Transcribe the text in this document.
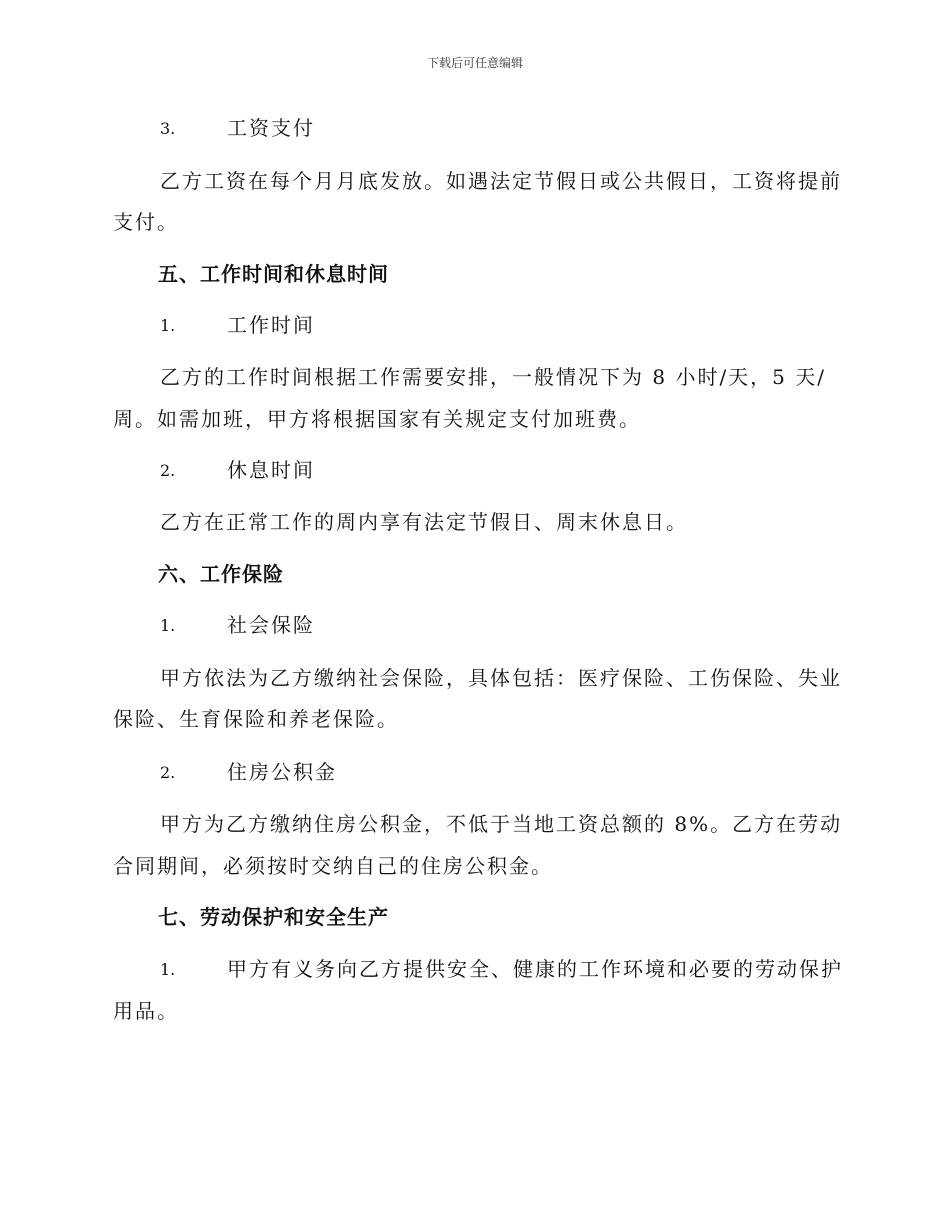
下载后可任意编辑
3.	工资支付
乙方工资在每个月月底发放。如遇法定节假日或公共假日，工资将提前
支付。
五、工作时间和休息时间
1.	工作时间
乙方的工作时间根据工作需要安排，一般情况下为 8 小时/天，5 天/
周。如需加班，甲方将根据国家有关规定支付加班费。
2.	休息时间
乙方在正常工作的周内享有法定节假日、周末休息日。
六、工作保险
1.	社会保险
甲方依法为乙方缴纳社会保险，具体包括：医疗保险、工伤保险、失业
保险、生育保险和养老保险。
2.	住房公积金
甲方为乙方缴纳住房公积金，不低于当地工资总额的 8%。乙方在劳动
合同期间，必须按时交纳自己的住房公积金。
七、劳动保护和安全生产
1.	甲方有义务向乙方提供安全、健康的工作环境和必要的劳动保护
用品。
